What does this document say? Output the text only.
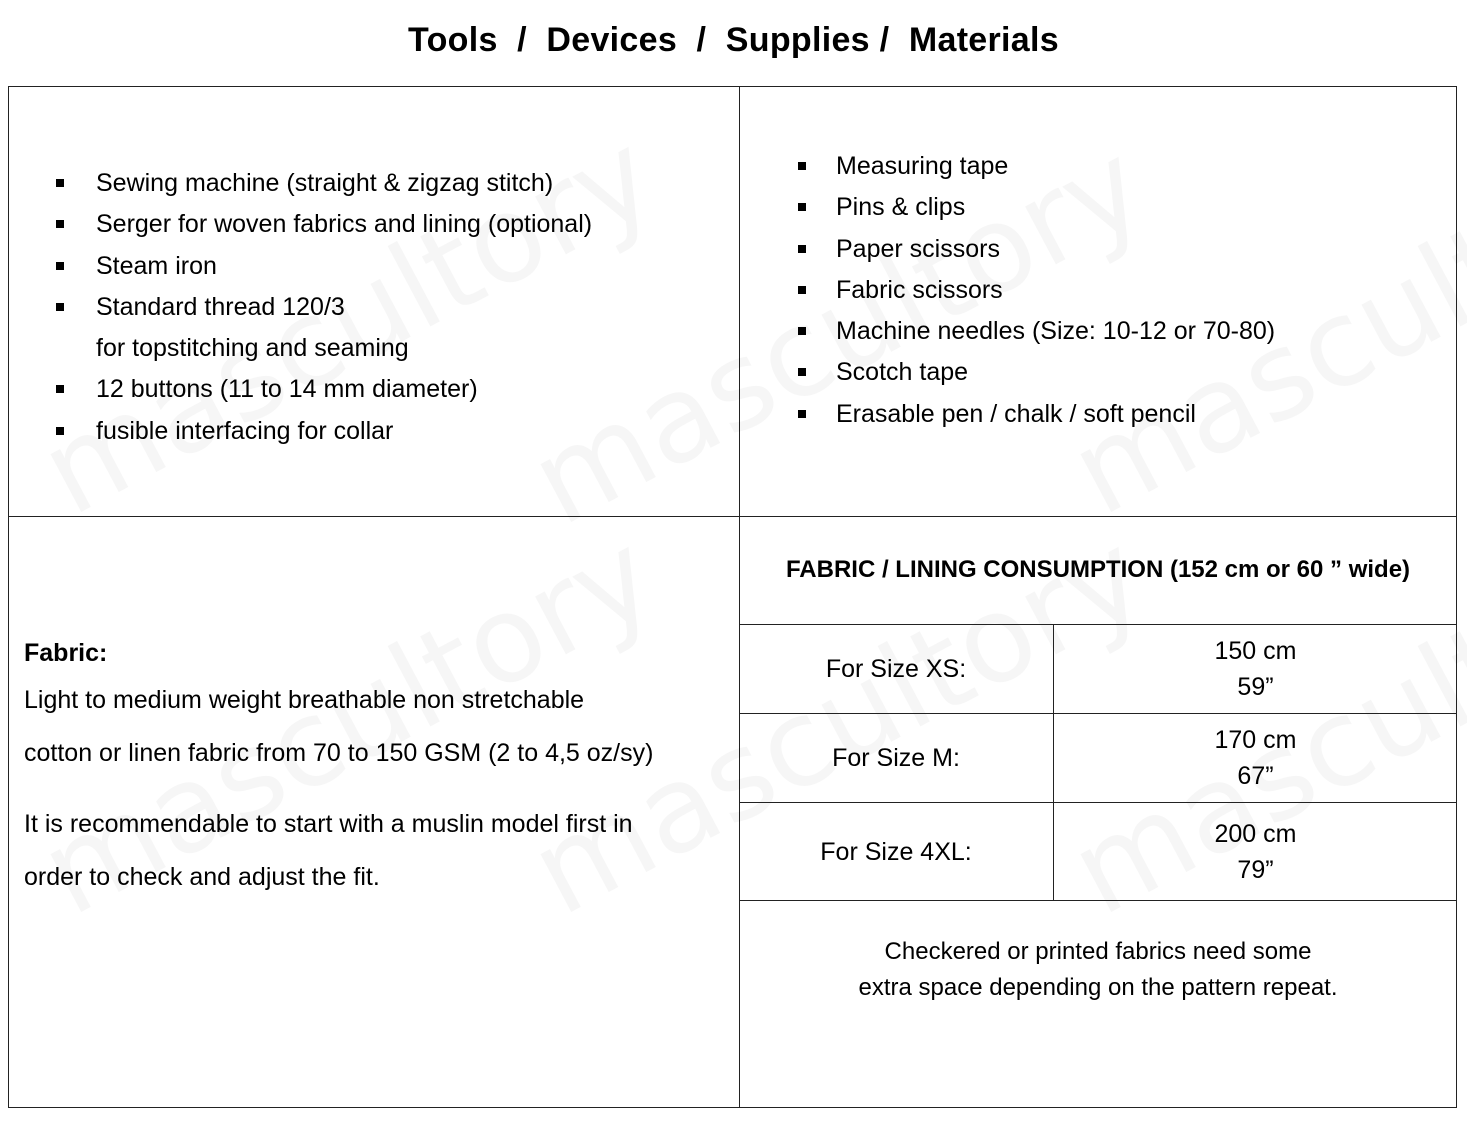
Tools  /  Devices  /  Supplies /  Materials
Sewing machine (straight & zigzag stitch)
Serger for woven fabrics and lining (optional)
Steam iron
Standard thread 120/3
for topstitching and seaming
12 buttons (11 to 14 mm diameter)
fusible interfacing for collar
Measuring tape
Pins & clips
Paper scissors
Fabric scissors
Machine needles (Size: 10-12 or 70-80)
Scotch tape
Erasable pen / chalk / soft pencil
Fabric:
Light to medium weight breathable non stretchable
cotton or linen fabric from 70 to 150 GSM (2 to 4,5 oz/sy)
It is recommendable to start with a muslin model first in
order to check and adjust the fit.
FABRIC / LINING CONSUMPTION (152 cm or 60 ” wide)
For Size XS:
150 cm
59”
For Size M:
170 cm
67”
For Size 4XL:
200 cm
79”
Checkered or printed fabrics need some
extra space depending on the pattern repeat.
